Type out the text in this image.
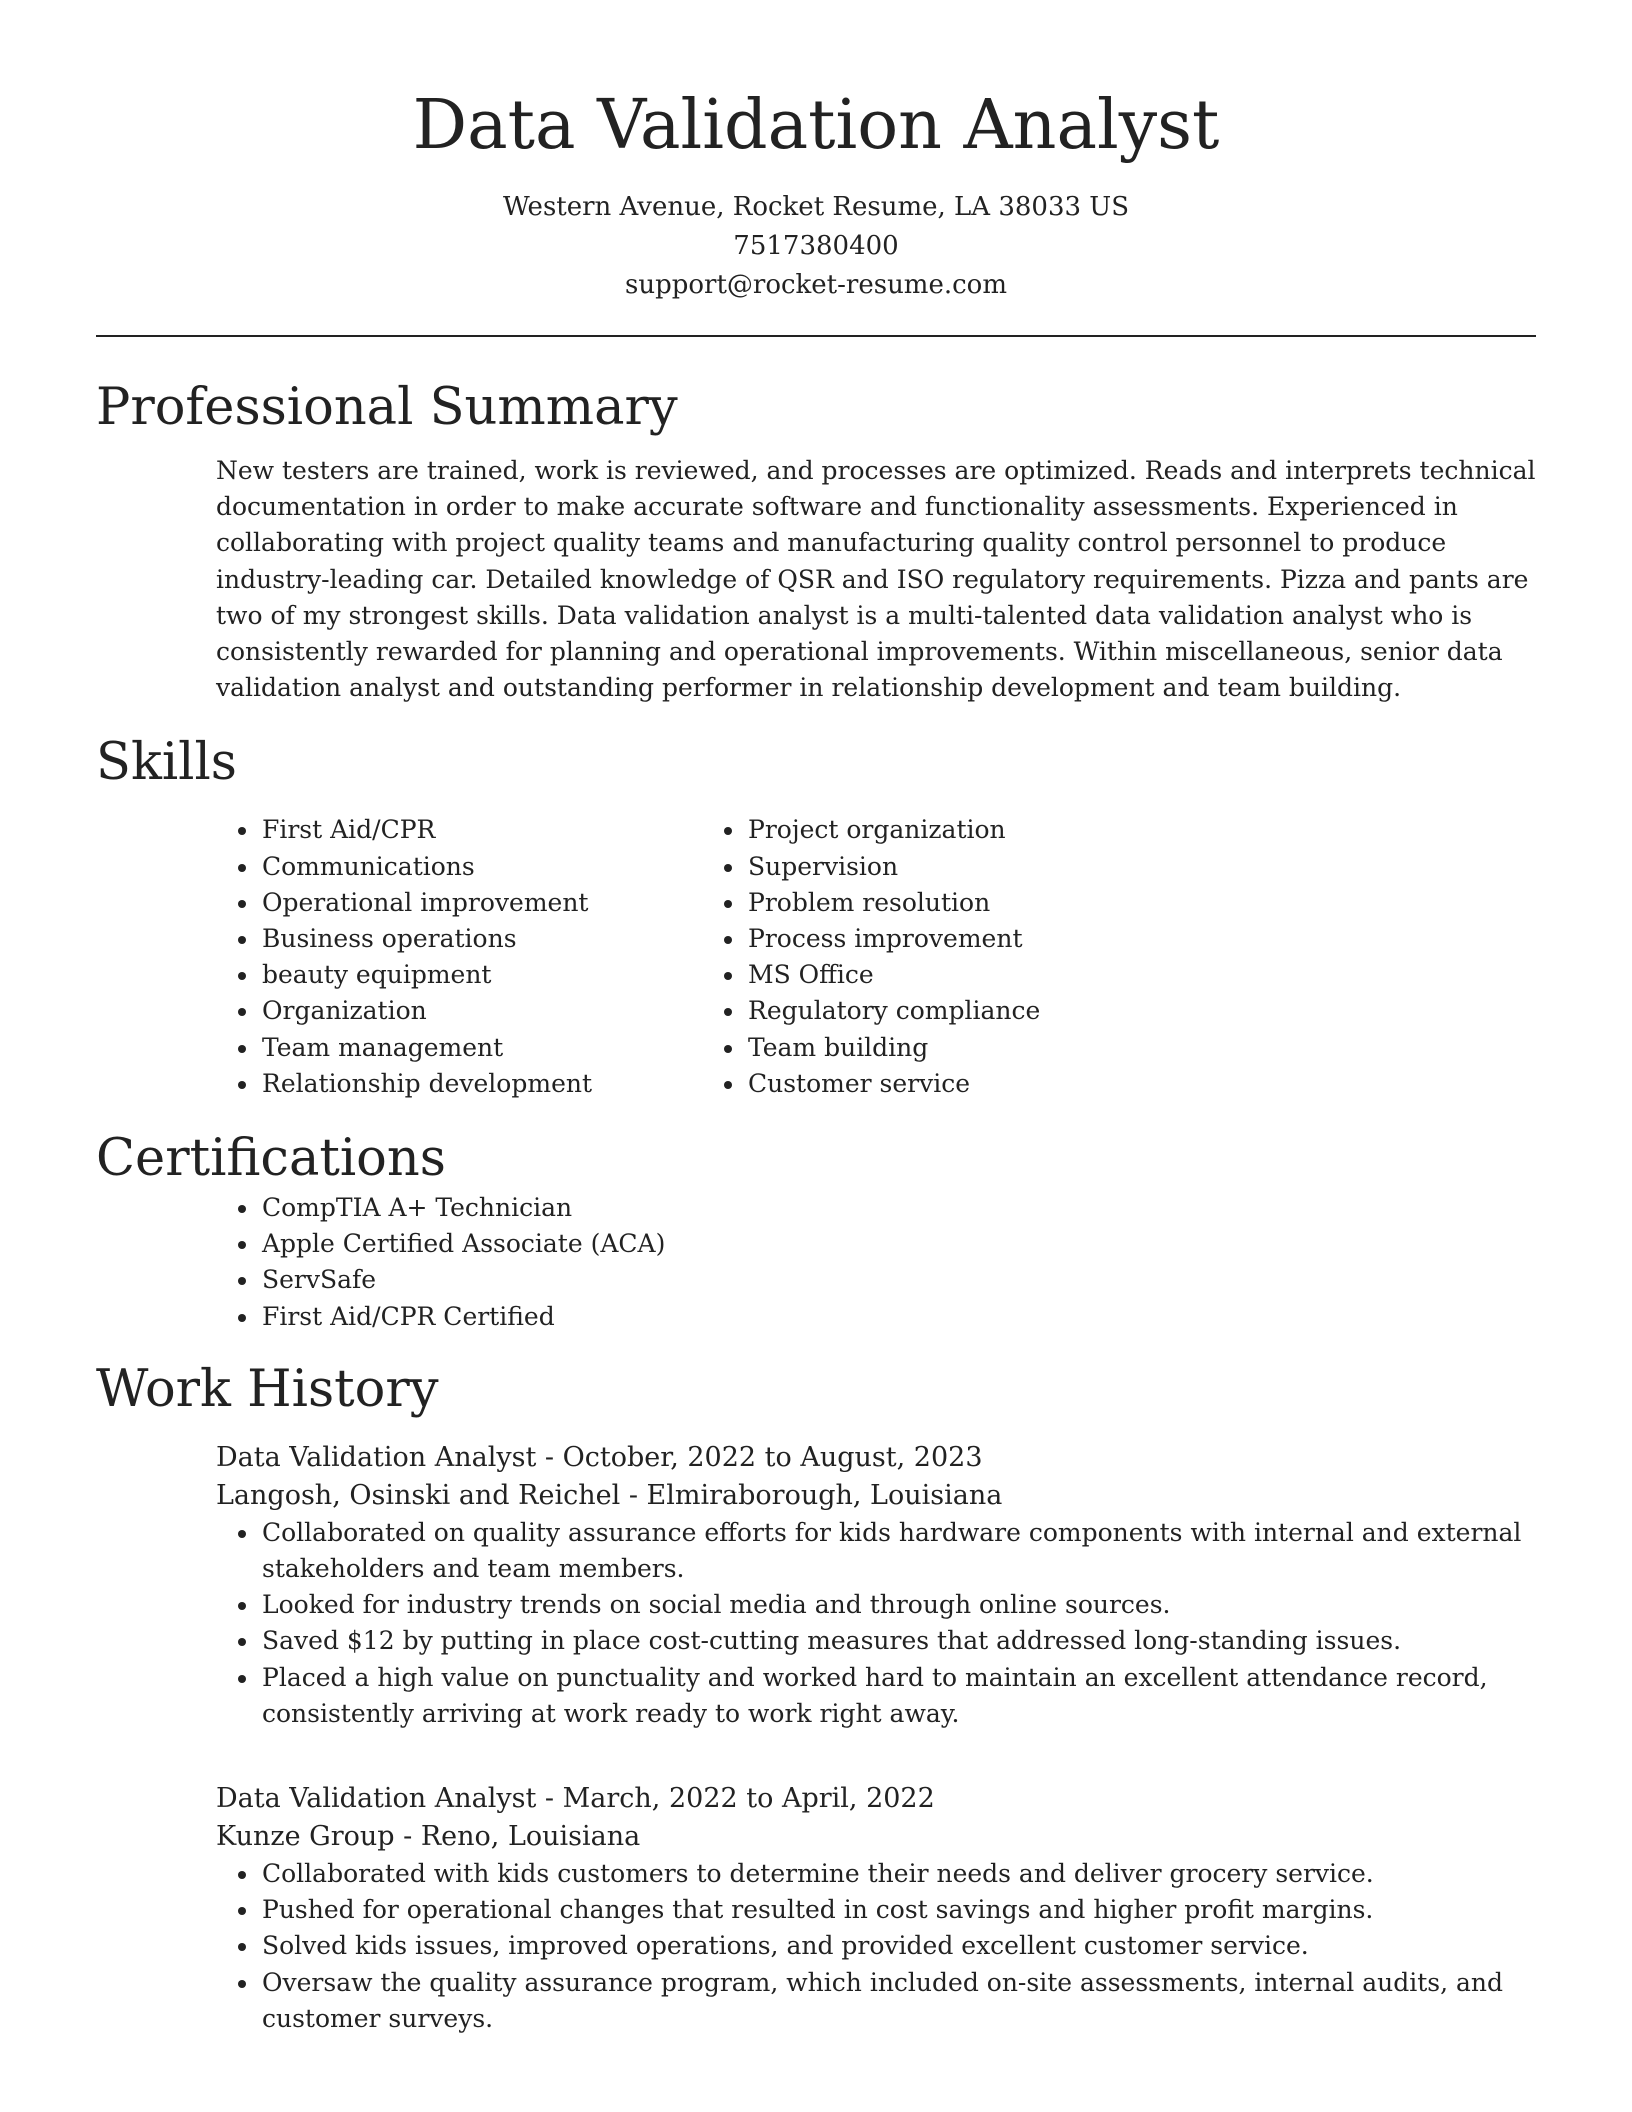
Data Validation Analyst
Western Avenue, Rocket Resume, LA 38033 US
7517380400
support@rocket-resume.com
Professional Summary

New testers are trained, work is reviewed, and processes are optimized. Reads and interprets technical documentation in order to make accurate software and functionality assessments. Experienced in collaborating with project quality teams and manufacturing quality control personnel to produce industry-leading car. Detailed knowledge of QSR and ISO regulatory requirements. Pizza and pants are two of my strongest skills. Data validation analyst is a multi-talented data validation analyst who is consistently rewarded for planning and operational improvements. Within miscellaneous, senior data validation analyst and outstanding performer in relationship development and team building.

Skills
• First Aid/CPR
• Communications
• Operational improvement
• Business operations
• beauty equipment
• Organization
• Team management
• Relationship development
• Project organization
• Supervision
• Problem resolution
• Process improvement
• MS Office
• Regulatory compliance
• Team building
• Customer service
Certifications
• CompTIA A+ Technician
• Apple Certified Associate (ACA)
• ServSafe
• First Aid/CPR Certified
Work History
Data Validation Analyst - October, 2022 to August, 2023
Langosh, Osinski and Reichel - Elmiraborough, Louisiana
• Collaborated on quality assurance efforts for kids hardware components with internal and external stakeholders and team members.
• Looked for industry trends on social media and through online sources.
• Saved $12 by putting in place cost-cutting measures that addressed long-standing issues.
• Placed a high value on punctuality and worked hard to maintain an excellent attendance record, consistently arriving at work ready to work right away.
Data Validation Analyst - March, 2022 to April, 2022
Kunze Group - Reno, Louisiana
• Collaborated with kids customers to determine their needs and deliver grocery service.
• Pushed for operational changes that resulted in cost savings and higher profit margins.
• Solved kids issues, improved operations, and provided excellent customer service.
• Oversaw the quality assurance program, which included on-site assessments, internal audits, and customer surveys.
